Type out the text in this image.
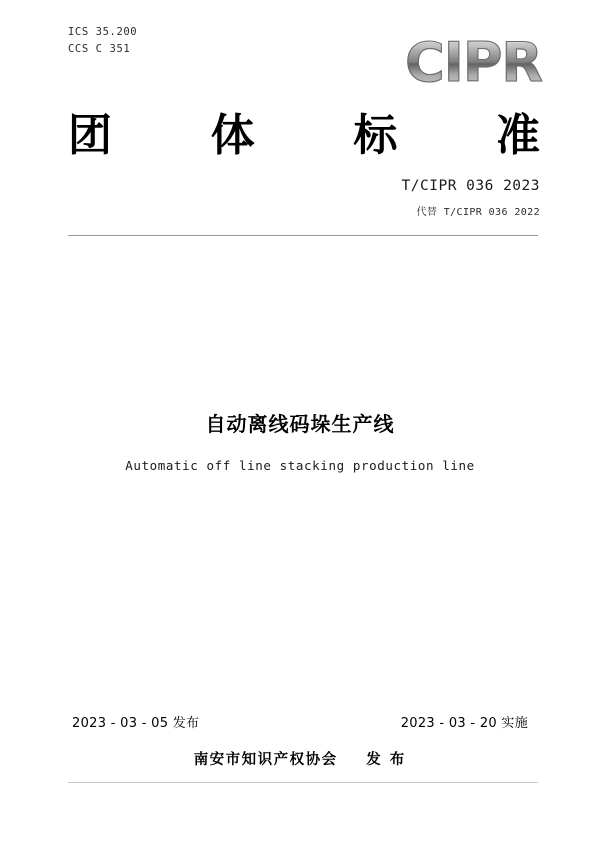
ICS 35.200
CCS C 351	CIPR
团 体 标 准
T/CIPR 036 2023
代替 T/CIPR 036 2022
自动离线码垛生产线
Automatic off line stacking production line
2023 - 03 - 05 发布	2023 - 03 - 20 实施
南安市知识产权协会 发 布
